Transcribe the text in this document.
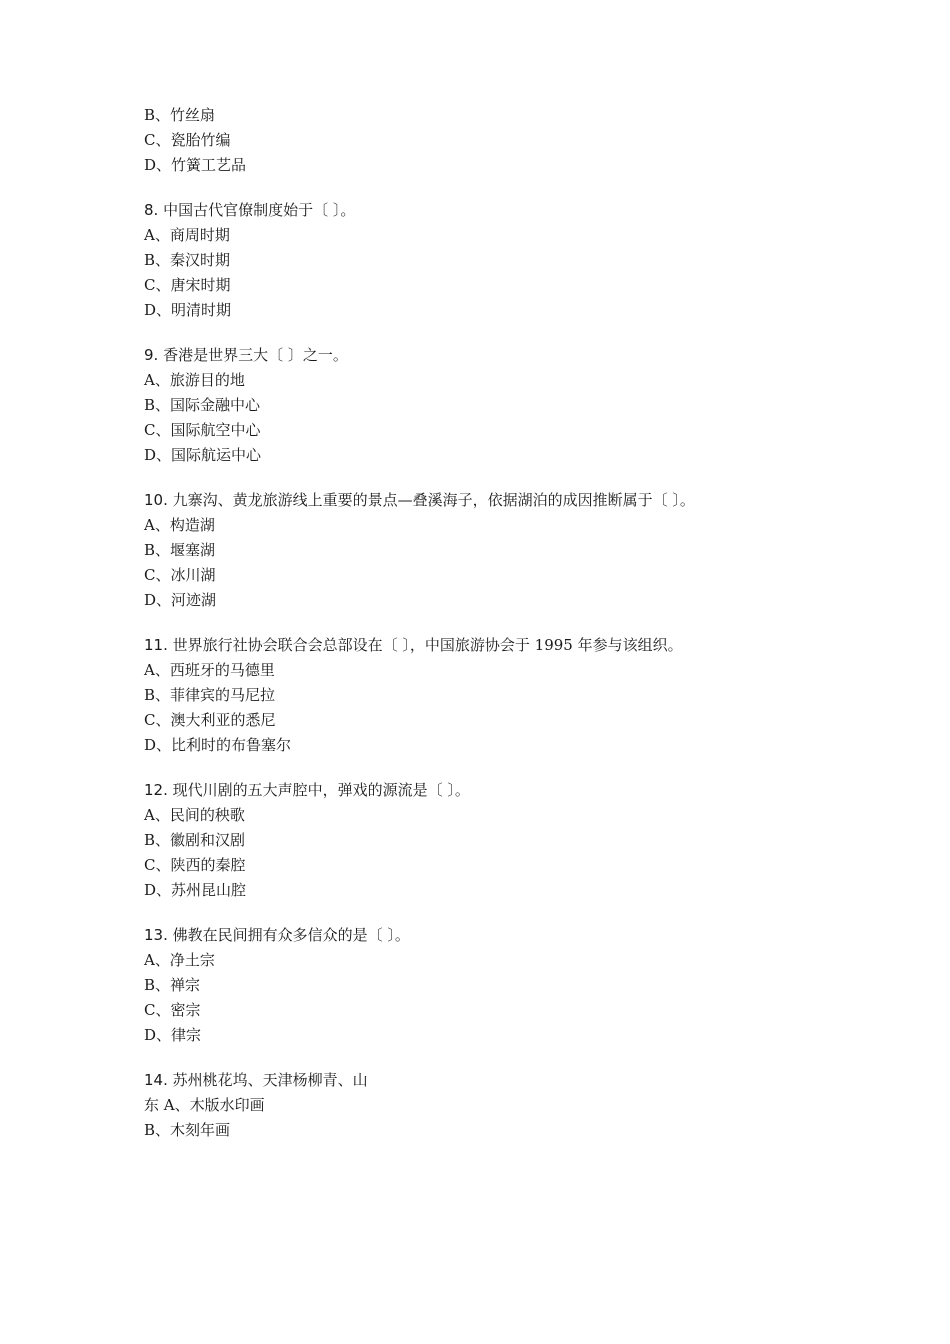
B、竹丝扇
C、瓷胎竹编
D、竹簧工艺品
8. 中国古代官僚制度始于〔 〕。
A、商周时期
B、秦汉时期
C、唐宋时期
D、明清时期
9. 香港是世界三大〔 〕之一。
A、旅游目的地
B、国际金融中心
C、国际航空中心
D、国际航运中心
10. 九寨沟、黄龙旅游线上重要的景点—叠溪海子，依据湖泊的成因推断属于〔 〕。
A、构造湖
B、堰塞湖
C、冰川湖
D、河迹湖
11. 世界旅行社协会联合会总部设在〔 〕，中国旅游协会于 1995 年参与该组织。
A、西班牙的马德里
B、菲律宾的马尼拉
C、澳大利亚的悉尼
D、比利时的布鲁塞尔
12. 现代川剧的五大声腔中，弹戏的源流是〔 〕。
A、民间的秧歌
B、徽剧和汉剧
C、陕西的秦腔
D、苏州昆山腔
13. 佛教在民间拥有众多信众的是〔 〕。
A、净土宗
B、禅宗
C、密宗
D、律宗
14. 苏州桃花坞、天津杨柳青、山
东 A、木版水印画
B、木刻年画
